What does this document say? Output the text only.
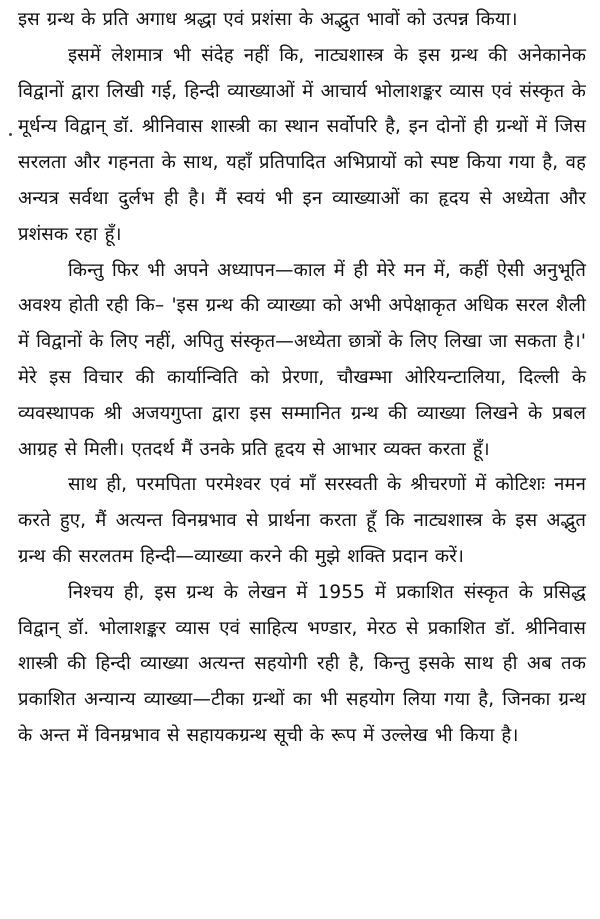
इस ग्रन्थ के प्रति अगाध श्रद्धा एवं प्रशंसा के अद्भुत भावों को उत्पन्न किया।

इसमें लेशमात्र भी संदेह नहीं कि, नाट्यशास्त्र के इस ग्रन्थ की अनेकानेक विद्वानों द्वारा लिखी गई, हिन्दी व्याख्याओं में आचार्य भोलाशङ्कर व्यास एवं संस्कृत के मूर्धन्य विद्वान् डॉ. श्रीनिवास शास्त्री का स्थान सर्वोपरि है, इन दोनों ही ग्रन्थों में जिस सरलता और गहनता के साथ, यहाँ प्रतिपादित अभिप्रायों को स्पष्ट किया गया है, वह अन्यत्र सर्वथा दुर्लभ ही है। मैं स्वयं भी इन व्याख्याओं का हृदय से अध्येता और प्रशंसक रहा हूँ।

किन्तु फिर भी अपने अध्यापन—काल में ही मेरे मन में, कहीं ऐसी अनुभूति अवश्य होती रही कि– 'इस ग्रन्थ की व्याख्या को अभी अपेक्षाकृत अधिक सरल शैली में विद्वानों के लिए नहीं, अपितु संस्कृत—अध्येता छात्रों के लिए लिखा जा सकता है।' मेरे इस विचार की कार्यान्विति को प्रेरणा, चौखम्भा ओरियन्टालिया, दिल्ली के व्यवस्थापक श्री अजयगुप्ता द्वारा इस सम्मानित ग्रन्थ की व्याख्या लिखने के प्रबल आग्रह से मिली। एतदर्थ मैं उनके प्रति हृदय से आभार व्यक्त करता हूँ।

साथ ही, परमपिता परमेश्वर एवं माँ सरस्वती के श्रीचरणों में कोटिशः नमन करते हुए, मैं अत्यन्त विनम्रभाव से प्रार्थना करता हूँ कि नाट्यशास्त्र के इस अद्भुत ग्रन्थ की सरलतम हिन्दी—व्याख्या करने की मुझे शक्ति प्रदान करें।

निश्चय ही, इस ग्रन्थ के लेखन में 1955 में प्रकाशित संस्कृत के प्रसिद्ध विद्वान् डॉ. भोलाशङ्कर व्यास एवं साहित्य भण्डार, मेरठ से प्रकाशित डॉ. श्रीनिवास शास्त्री की हिन्दी व्याख्या अत्यन्त सहयोगी रही है, किन्तु इसके साथ ही अब तक प्रकाशित अन्यान्य व्याख्या—टीका ग्रन्थों का भी सहयोग लिया गया है, जिनका ग्रन्थ के अन्त में विनम्रभाव से सहायकग्रन्थ सूची के रूप में उल्लेख भी किया है।
